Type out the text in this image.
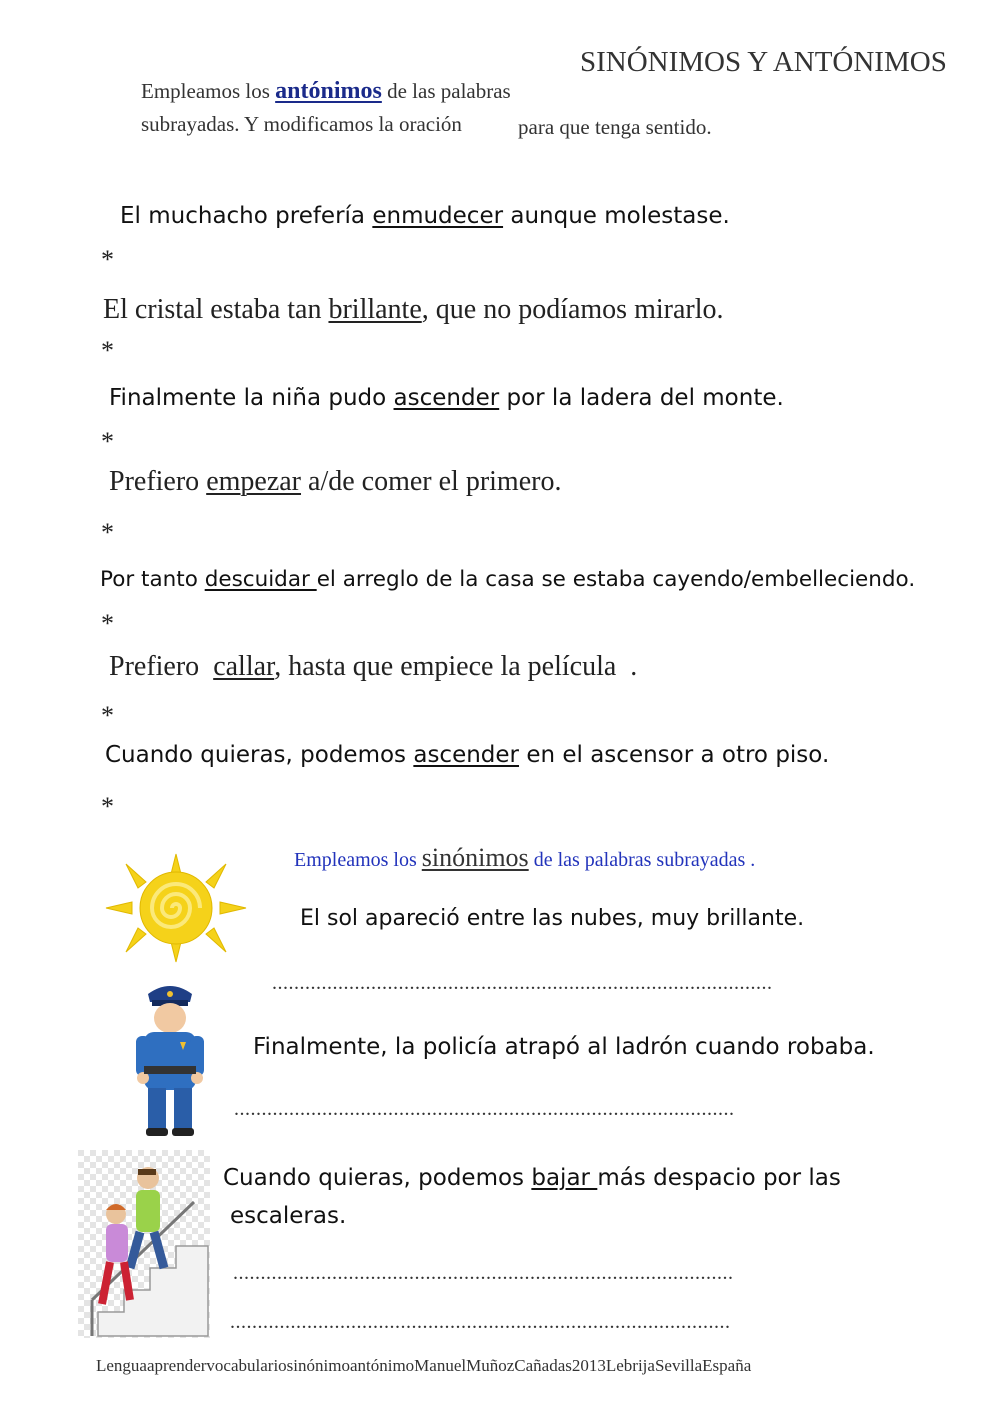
SINÓNIMOS Y ANTÓNIMOS
Empleamos los antónimos de las palabras
subrayadas. Y modificamos la oración	para que tenga sentido.
El muchacho prefería enmudecer aunque molestase.
*
El cristal estaba tan brillante, que no podíamos mirarlo.
*
Finalmente la niña pudo ascender por la ladera del monte.
*
Prefiero empezar a/de comer el primero.
*
Por tanto descuidar el arreglo de la casa se estaba cayendo/embelleciendo.
*
Prefiero  callar, hasta que empiece la película  .
*
Cuando quieras, podemos ascender en el ascensor a otro piso.
*
Empleamos los sinónimos de las palabras subrayadas .
El sol apareció entre las nubes, muy brillante.
...........................................................................................
Finalmente, la policía atrapó al ladrón cuando robaba.
...........................................................................................
Cuando quieras, podemos bajar más despacio por las
escaleras.
...........................................................................................
...........................................................................................
LenguaaprendervocabulariosinónimoantónimoManuelMuñozCañadas2013LebrijaSevillaEspaña
